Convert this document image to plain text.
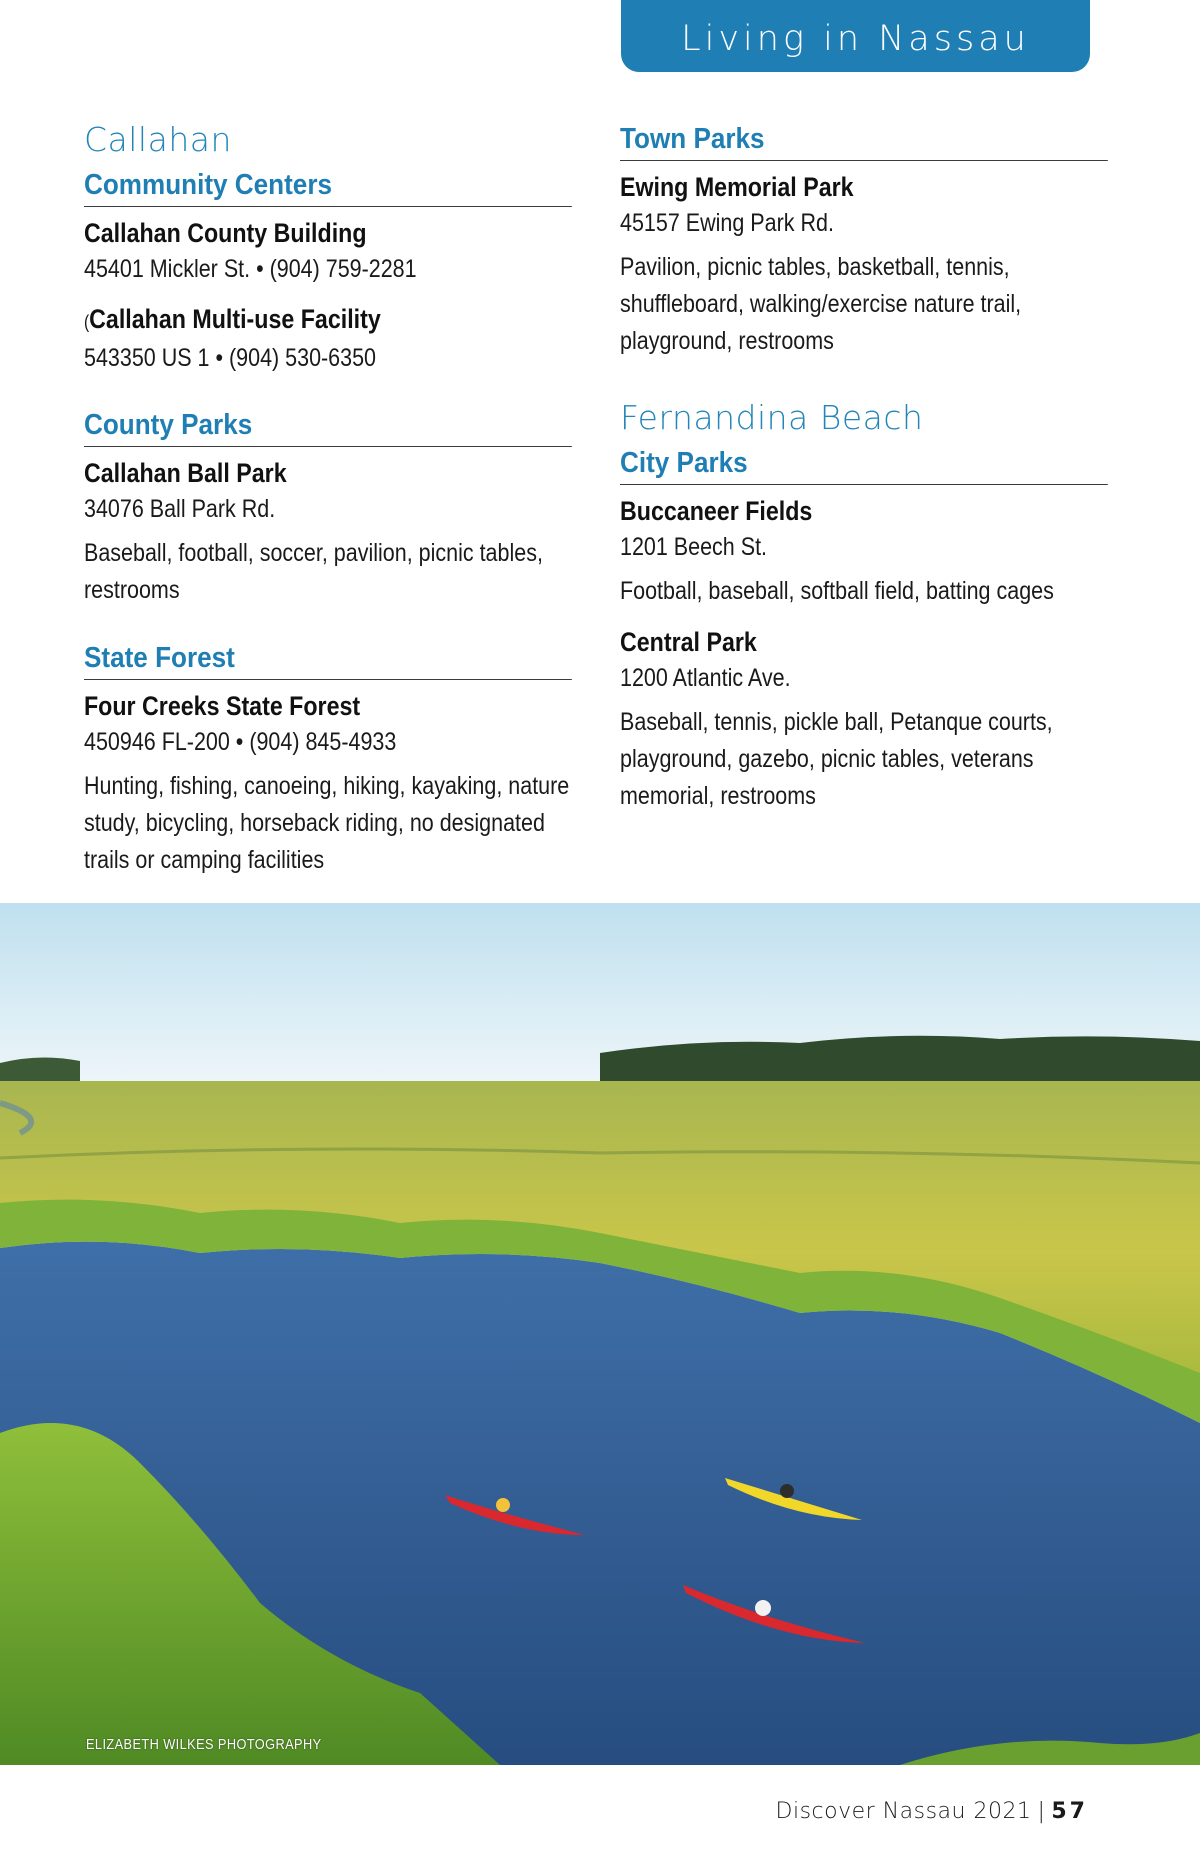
Living in Nassau
Callahan
Community Centers
Callahan County Building
45401 Mickler St. • (904) 759-2281
(Callahan Multi-use Facility
543350 US 1 • (904) 530-6350
County Parks
Callahan Ball Park
34076 Ball Park Rd.
Baseball, football, soccer, pavilion, picnic tables, restrooms
State Forest
Four Creeks State Forest
450946 FL-200 • (904) 845-4933
Hunting, fishing, canoeing, hiking, kayaking, nature study, bicycling, horseback riding, no designated trails or camping facilities
Town Parks
Ewing Memorial Park
45157 Ewing Park Rd.
Pavilion, picnic tables, basketball, tennis, shuffleboard, walking/exercise nature trail, playground, restrooms
Fernandina Beach
City Parks
Buccaneer Fields
1201 Beech St.
Football, baseball, softball field, batting cages
Central Park
1200 Atlantic Ave.
Baseball, tennis, pickle ball, Petanque courts, playground, gazebo, picnic tables, veterans memorial, restrooms
ELIZABETH WILKES PHOTOGRAPHY
Discover Nassau 2021 | 57
